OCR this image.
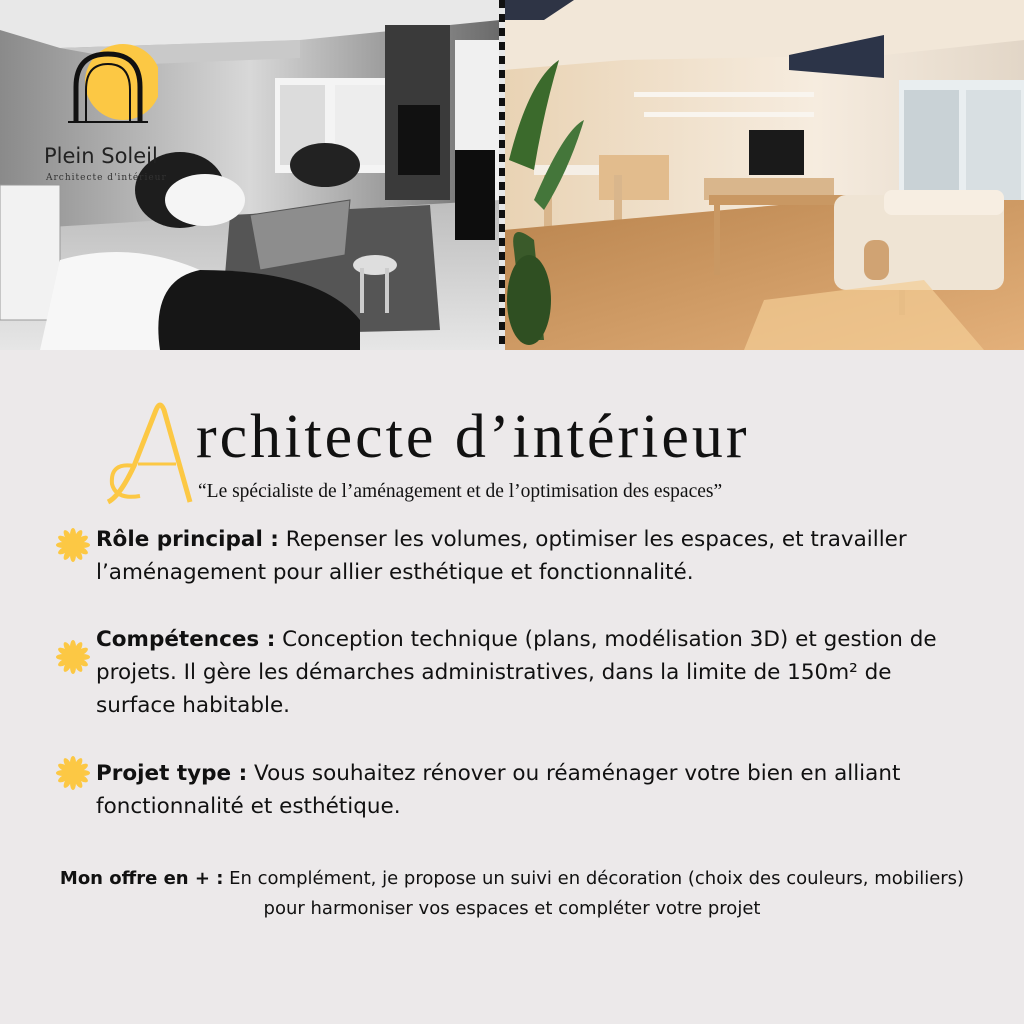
Plein Soleil
Architecte d'intérieur
rchitecte d’intérieur
“Le spécialiste de l’aménagement et de l’optimisation des espaces”

Rôle principal : Repenser les volumes, optimiser les espaces, et travailler l’aménagement pour allier esthétique et fonctionnalité.

Compétences : Conception technique (plans, modélisation 3D) et gestion de projets. Il gère les démarches administratives, dans la limite de 150m² de surface habitable.

Projet type : Vous souhaitez rénover ou réaménager votre bien en alliant fonctionnalité et esthétique.

Mon offre en + : En complément, je propose un suivi en décoration (choix des couleurs, mobiliers) pour harmoniser vos espaces et compléter votre projet
